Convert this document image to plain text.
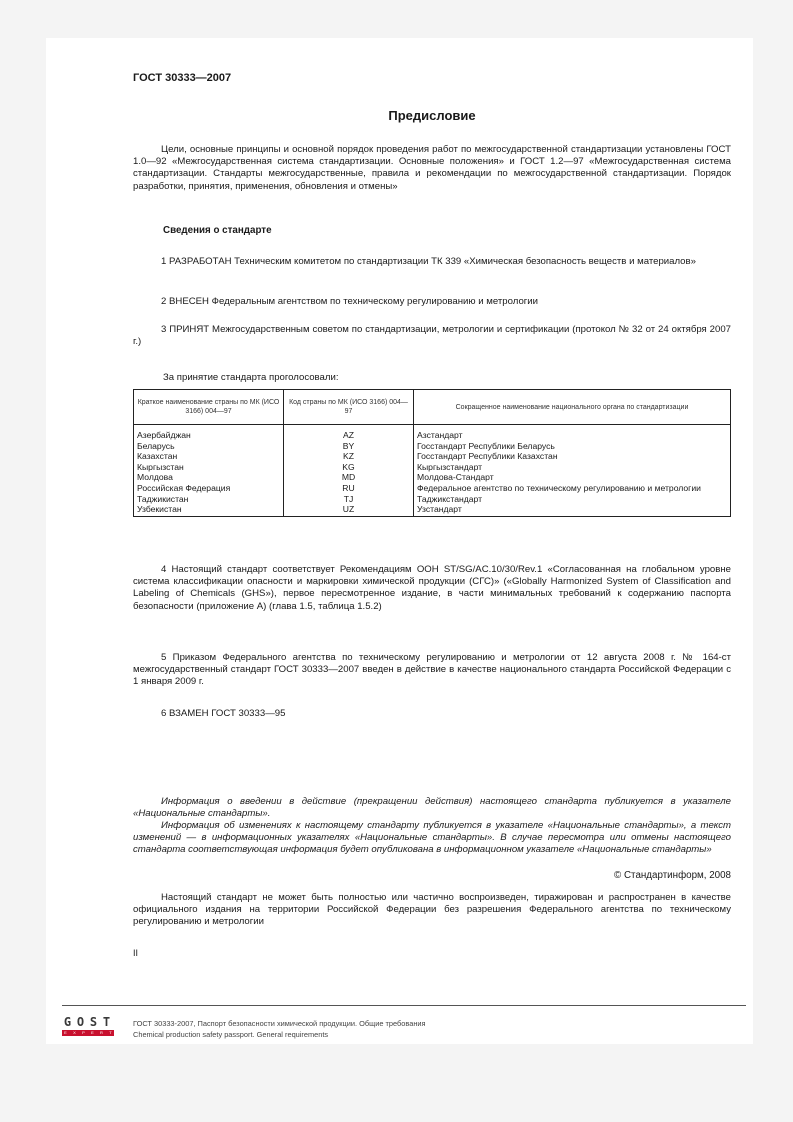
ГОСТ 30333—2007
Предисловие

Цели, основные принципы и основной порядок проведения работ по межгосударственной стандартизации установлены ГОСТ 1.0—92 «Межгосударственная система стандартизации. Основные положения» и ГОСТ 1.2—97 «Межгосударственная система стандартизации. Стандарты межгосударственные, правила и рекомендации по межгосударственной стандартизации. Порядок разработки, принятия, применения, обновления и отмены»

Сведения о стандарте

1 РАЗРАБОТАН Техническим комитетом по стандартизации ТК 339 «Химическая безопасность веществ и материалов»

2 ВНЕСЕН Федеральным агентством по техническому регулированию и метрологии

3 ПРИНЯТ Межгосударственным советом по стандартизации, метрологии и сертификации (протокол № 32 от 24 октября 2007 г.)

За принятие стандарта проголосовали:
Краткое наименование страны по МК (ИСО 3166) 004—97	Код страны по МК (ИСО 3166) 004—97	Сокращенное наименование национального органа по стандартизации
Азербайджан	AZ	Азстандарт
Беларусь	BY	Госстандарт Республики Беларусь
Казахстан	KZ	Госстандарт Республики Казахстан
Кыргызстан	KG	Кыргызстандарт
Молдова	MD	Молдова-Стандарт
Российская Федерация	RU	Федеральное агентство по техническому регулированию и метрологии
Таджикистан	TJ	Таджикстандарт
Узбекистан	UZ	Узстандарт

4 Настоящий стандарт соответствует Рекомендациям ООН ST/SG/AC.10/30/Rev.1 «Согласованная на глобальном уровне система классификации опасности и маркировки химической продукции (СГС)» («Globally Harmonized System of Classification and Labeling of Chemicals (GHS»), первое пересмотренное издание, в части минимальных требований к содержанию паспорта безопасности (приложение А) (глава 1.5, таблица 1.5.2)

5 Приказом Федерального агентства по техническому регулированию и метрологии от 12 августа 2008 г. № 164-ст межгосударственный стандарт ГОСТ 30333—2007 введен в действие в качестве национального стандарта Российской Федерации с 1 января 2009 г.

6 ВЗАМЕН ГОСТ 30333—95

Информация о введении в действие (прекращении действия) настоящего стандарта публикуется в указателе «Национальные стандарты».

Информация об изменениях к настоящему стандарту публикуется в указателе «Национальные стандарты», а текст изменений — в информационных указателях «Национальные стандарты». В случае пересмотра или отмены настоящего стандарта соответствующая информация будет опубликована в информационном указателе «Национальные стандарты»

© Стандартинформ, 2008

Настоящий стандарт не может быть полностью или частично воспроизведен, тиражирован и распространен в качестве официального издания на территории Российской Федерации без разрешения Федерального агентства по техническому регулированию и метрологии

II
G O S T
E	X	P	E	R	T
ГОСТ 30333-2007, Паспорт безопасности химической продукции. Общие требования
Chemical production safety passport. General requirements
